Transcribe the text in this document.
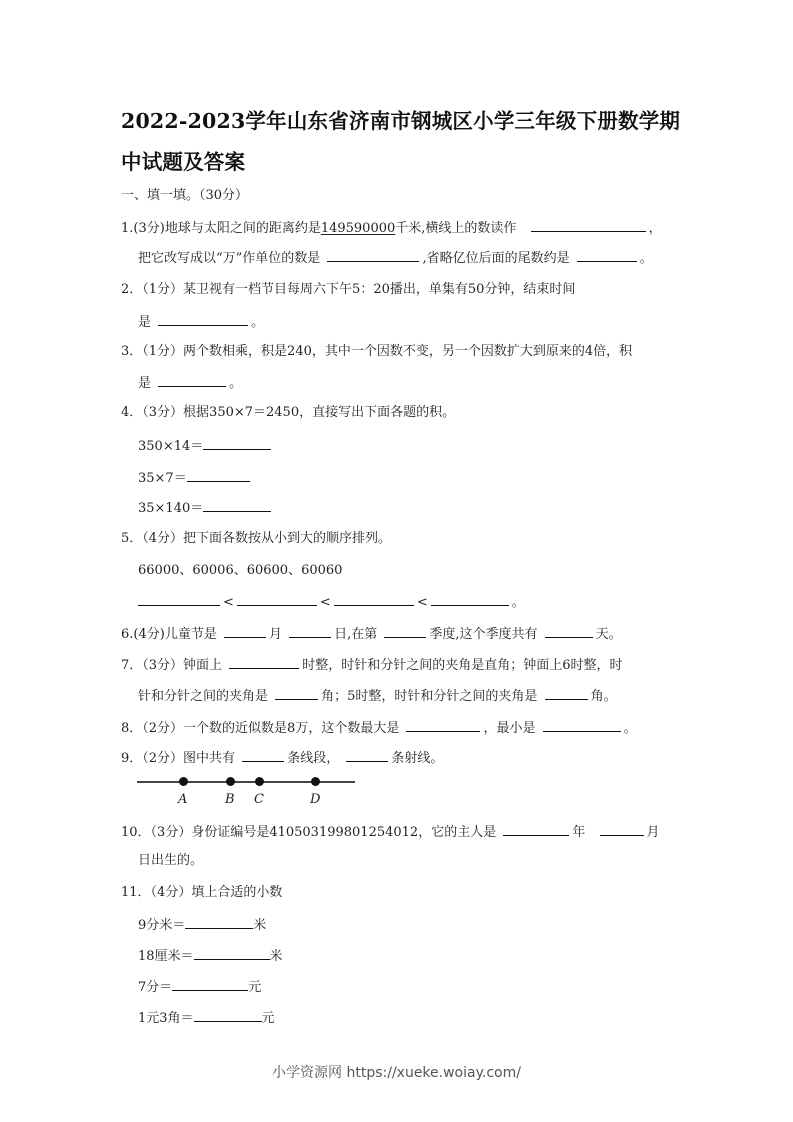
2022-2023学年山东省济南市钢城区小学三年级下册数学期
中试题及答案
一、填一填。（30分）
1.(3分)地球与太阳之间的距离约是149590000千米,横线上的数读作	，
把它改写成以“万”作单位的数是	,省略亿位后面的尾数约是	。
2．（1分）某卫视有一档节目每周六下午5：20播出，单集有50分钟，结束时间
是	。
3．（1分）两个数相乘，积是240，其中一个因数不变，另一个因数扩大到原来的4倍，积
是	。
4．（3分）根据350×7＝2450，直接写出下面各题的积。
350×14＝
35×7＝
35×140＝
5．（4分）把下面各数按从小到大的顺序排列。
66000、60006、60600、60060
<	<	<	。
6.(4分)儿童节是	月	日,在第	季度,这个季度共有	天。
7．（3分）钟面上	时整，时针和分针之间的夹角是直角；钟面上6时整，时
针和分针之间的夹角是	角；5时整，时针和分针之间的夹角是	角。
8．（2分）一个数的近似数是8万，这个数最大是	，最小是	。
9．（2分）图中共有	条线段，	条射线。
A	B C	D
10．（3分）身份证编号是410503199801254012，它的主人是	年	月
日出生的。
11．（4分）填上合适的小数
9分米＝	米
18厘米＝	米
7分＝	元
1元3角＝	元
小学资源网 https://xueke.woiay.com/
